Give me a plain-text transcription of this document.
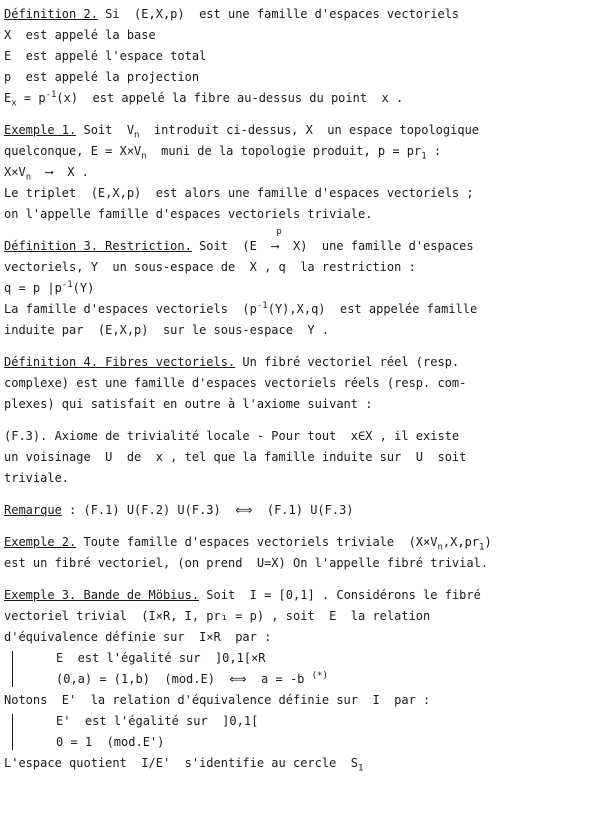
Définition 2. Si  (E,X,p)  est une famille d'espaces vectoriels
X  est appelé la base
E  est appelé l'espace total
p  est appelé la projection
$E_x = p^{-1}(x)$  est appelé la fibre au-dessus du point  x .
Exemple 1. Soit  $V_n$  introduit ci-dessus, X  un espace topologique
quelconque, $E = X\times V_n$  muni de la topologie produit, $p = pr_1$ :
$X\times V_n$  ⟶  X .
Le triplet  (E,X,p)  est alors une famille d'espaces vectoriels ;
on l'appelle famille d'espaces vectoriels triviale.
Définition 3. Restriction. Soit  (E
p
⟶  X)  une famille d'espaces
vectoriels, Y  un sous-espace de  X , q  la restriction :
q = p $|p^{-1}(Y)$
La famille d'espaces vectoriels  $(p^{-1}(Y),X,q)$  est appelée famille
induite par  (E,X,p)  sur le sous-espace  Y .
Définition 4. Fibres vectoriels. Un fibré vectoriel réel (resp.
complexe) est une famille d'espaces vectoriels réels (resp. com-
plexes) qui satisfait en outre à l'axiome suivant :
(F.3). Axiome de trivialité locale - Pour tout  x∈X , il existe
un voisinage  U  de  x , tel que la famille induite sur  U  soit
triviale.
Remarque : (F.1) U(F.2) U(F.3)  ⟺  (F.1) U(F.3)
Exemple 2. Toute famille d'espaces vectoriels triviale  $(X\times V_n,X,pr_1)$
est un fibré vectoriel, (on prend  U=X) On l'appelle fibré trivial.
Exemple 3. Bande de Möbius. Soit  I = [0,1] . Considérons le fibré
vectoriel trivial  (I×R, I, pr₁ = p) , soit  E  la relation
d'équivalence définie sur  I×R  par :
E  est l'égalité sur  ]0,1[×R
(0,a) = (1,b)  (mod.E)  ⟺  a = -b (*)
Notons  E'  la relation d'équivalence définie sur  I  par :
E'  est l'égalité sur  ]0,1[
0 = 1  (mod.E')
L'espace quotient  I/E'  s'identifie au cercle  $S_1$
